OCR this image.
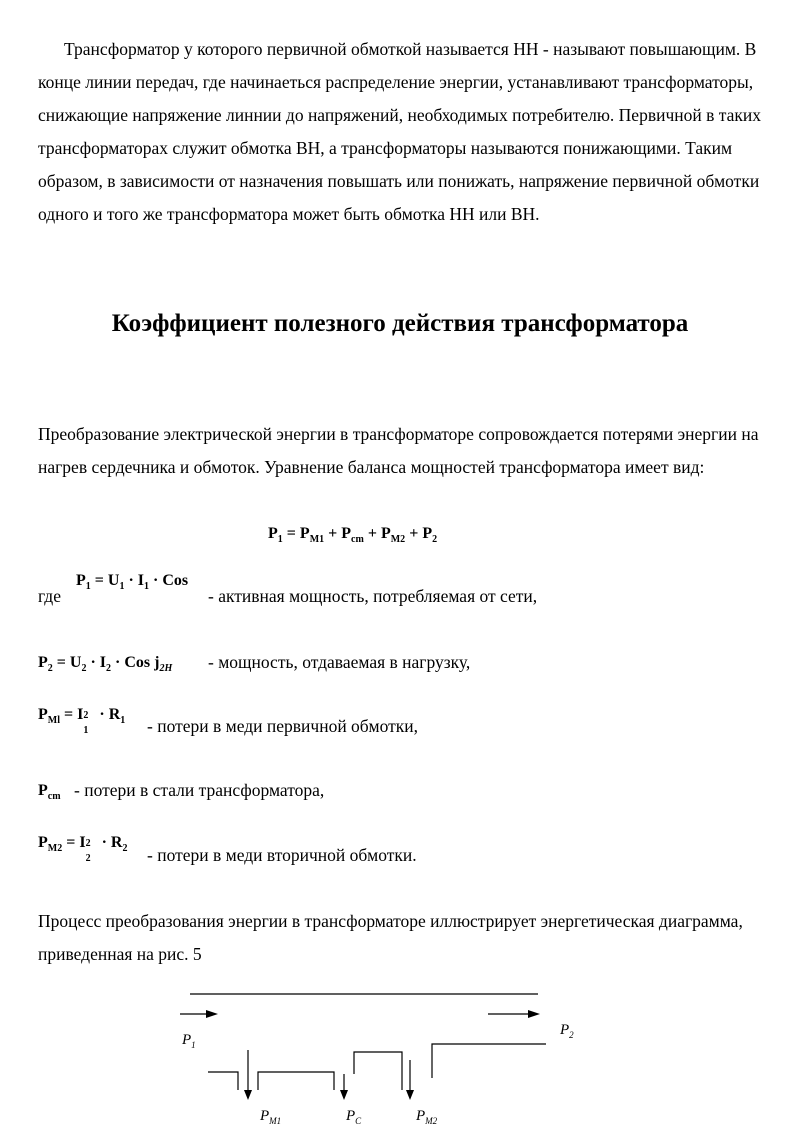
Трансформатор у которого первичной обмоткой называется НН - называют повышающим. В конце линии передач, где начинаеться распределение энергии, устанавливают трансформаторы, снижающие напряжение линнии до напряжений, необходимых потребителю. Первичной в таких трансформаторах служит обмотка ВН, а трансформаторы называются понижающими. Таким образом, в зависимости от назначения повышать или понижать, напряжение первичной обмотки одного и того же трансформатора может быть обмотка НН или ВН.

Коэффициент полезного действия трансформатора

Преобразование электрической энергии в трансформаторе сопровождается потерями энергии на нагрев сердечника и обмоток. Уравнение баланса мощностей трансформатора имеет вид:

$P_1 = P_{M1} + P_{cm} + P_{M2} + P_2$
где
$P_1 = U_1 \cdot I_1$ · Cos
- активная мощность, потребляемая от сети,
$P_2 = U_2 \cdot I_2$ · Cos $j_{2H}$ - мощность, отдаваемая в нагрузку,
$P_{Ml} = I$ 2
1
· $R_1$ - потери в меди первичной обмотки,
$P_{cm}$ - потери в стали трансформатора,
$P_{M2} = I$ 2
2
· $R_2$ - потери в меди вторичной обмотки.

Процесс преобразования энергии в трансформаторе иллюстрирует энергетическая диаграмма, приведенная на рис. 5

$P_1$
$P_2$
$P_{M1}$	$P_C$	$P_{M2}$
